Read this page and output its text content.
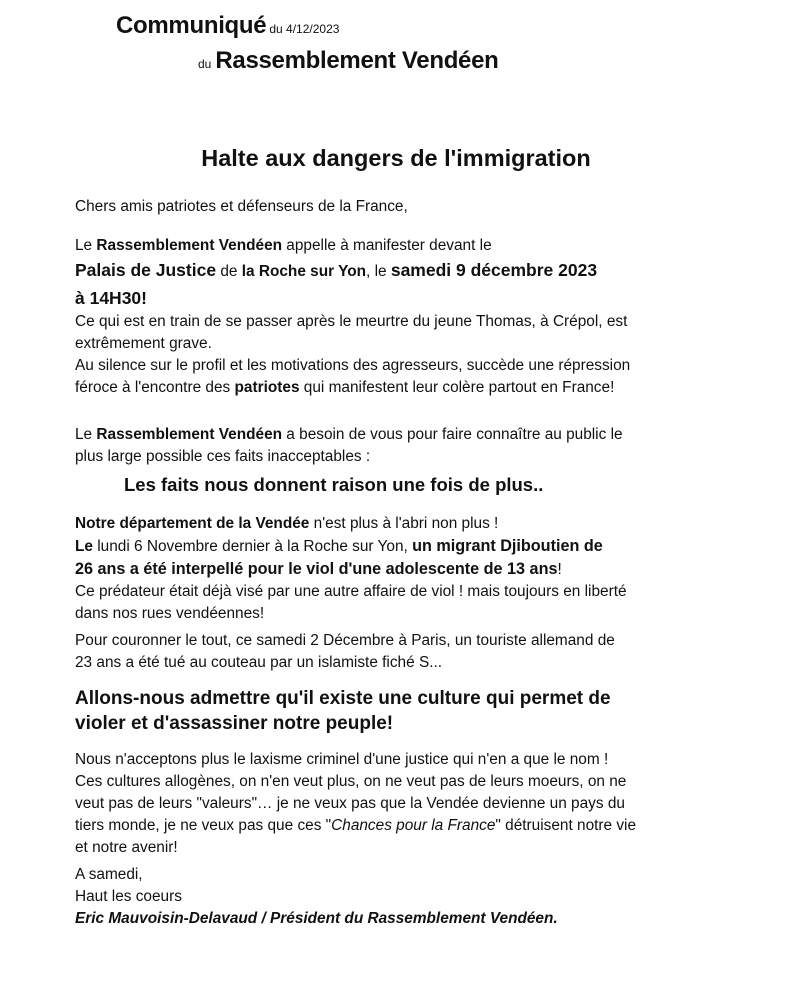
Communiqué du 4/12/2023
du Rassemblement Vendéen
Halte aux dangers de l'immigration
Chers amis patriotes et défenseurs de la France,
Le Rassemblement Vendéen appelle à manifester devant le
Palais de Justice de la Roche sur Yon, le samedi 9 décembre 2023
à 14H30!
Ce qui est en train de se passer après le meurtre du jeune Thomas, à Crépol, est
extrêmement grave.
Au silence sur le profil et les motivations des agresseurs, succède une répression
féroce à l'encontre des patriotes qui manifestent leur colère partout en France!
Le Rassemblement Vendéen a besoin de vous pour faire connaître au public le
plus large possible ces faits inacceptables :
Les faits nous donnent raison une fois de plus..
Notre département de la Vendée n'est plus à l'abri non plus !
Le lundi 6 Novembre dernier à la Roche sur Yon, un migrant Djiboutien de
26 ans a été interpellé pour le viol d'une adolescente de 13 ans!
Ce prédateur était déjà visé par une autre affaire de viol ! mais toujours en liberté
dans nos rues vendéennes!
Pour couronner le tout, ce samedi 2 Décembre à Paris, un touriste allemand de
23 ans a été tué au couteau par un islamiste fiché S...
Allons-nous admettre qu'il existe une culture qui permet de
violer et d'assassiner notre peuple!
Nous n'acceptons plus le laxisme criminel d'une justice qui n'en a que le nom !
Ces cultures allogènes, on n'en veut plus, on ne veut pas de leurs moeurs, on ne
veut pas de leurs "valeurs"… je ne veux pas que la Vendée devienne un pays du
tiers monde, je ne veux pas que ces "Chances pour la France" détruisent notre vie
et notre avenir!
A samedi,
Haut les coeurs
Eric Mauvoisin-Delavaud / Président du Rassemblement Vendéen.
